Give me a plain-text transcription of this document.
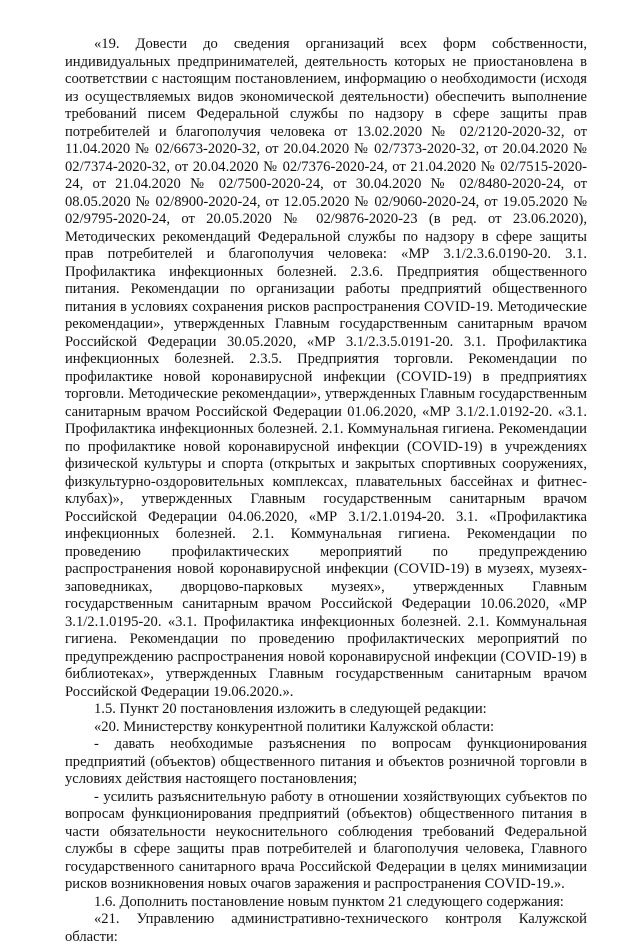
«19. Довести до сведения организаций всех форм собственности, индивидуальных предпринимателей, деятельность которых не приостановлена в соответствии с настоящим постановлением, информацию о необходимости (исходя из осуществляемых видов экономической деятельности) обеспечить выполнение требований писем Федеральной службы по надзору в сфере защиты прав потребителей и благополучия человека от 13.02.2020 № 02/2120-2020-32, от 11.04.2020 № 02/6673-2020-32, от 20.04.2020 № 02/7373-2020-32, от 20.04.2020 № 02/7374-2020-32, от 20.04.2020 № 02/7376-2020-24, от 21.04.2020 № 02/7515-2020-24, от 21.04.2020 № 02/7500-2020-24, от 30.04.2020 № 02/8480-2020-24, от 08.05.2020 № 02/8900-2020-24, от 12.05.2020 № 02/9060-2020-24, от 19.05.2020 № 02/9795-2020-24, от 20.05.2020 № 02/9876-2020-23 (в ред. от 23.06.2020), Методических рекомендаций Федеральной службы по надзору в сфере защиты прав потребителей и благополучия человека: «МР 3.1/2.3.6.0190-20. 3.1. Профилактика инфекционных болезней. 2.3.6. Предприятия общественного питания. Рекомендации по организации работы предприятий общественного питания в условиях сохранения рисков распространения COVID-19. Методические рекомендации», утвержденных Главным государственным санитарным врачом Российской Федерации 30.05.2020, «МР 3.1/2.3.5.0191-20. 3.1. Профилактика инфекционных болезней. 2.3.5. Предприятия торговли. Рекомендации по профилактике новой коронавирусной инфекции (COVID-19) в предприятиях торговли. Методические рекомендации», утвержденных Главным государственным санитарным врачом Российской Федерации 01.06.2020, «МР 3.1/2.1.0192-20. «3.1. Профилактика инфекционных болезней. 2.1. Коммунальная гигиена. Рекомендации по профилактике новой коронавирусной инфекции (COVID-19) в учреждениях физической культуры и спорта (открытых и закрытых спортивных сооружениях, физкультурно-оздоровительных комплексах, плавательных бассейнах и фитнес-клубах)», утвержденных Главным государственным санитарным врачом Российской Федерации 04.06.2020, «МР 3.1/2.1.0194-20. 3.1. «Профилактика инфекционных болезней. 2.1. Коммунальная гигиена. Рекомендации по проведению профилактических мероприятий по предупреждению распространения новой коронавирусной инфекции (COVID-19) в музеях, музеях-заповедниках, дворцово-парковых музеях», утвержденных Главным государственным санитарным врачом Российской Федерации 10.06.2020, «МР 3.1/2.1.0195-20. «3.1. Профилактика инфекционных болезней. 2.1. Коммунальная гигиена. Рекомендации по проведению профилактических мероприятий по предупреждению распространения новой коронавирусной инфекции (COVID-19) в библиотеках», утвержденных Главным государственным санитарным врачом Российской Федерации 19.06.2020.».

1.5. Пункт 20 постановления изложить в следующей редакции:

«20. Министерству конкурентной политики Калужской области:

- давать необходимые разъяснения по вопросам функционирования предприятий (объектов) общественного питания и объектов розничной торговли в условиях действия настоящего постановления;

- усилить разъяснительную работу в отношении хозяйствующих субъектов по вопросам функционирования предприятий (объектов) общественного питания в части обязательности неукоснительного соблюдения требований Федеральной службы в сфере защиты прав потребителей и благополучия человека, Главного государственного санитарного врача Российской Федерации в целях минимизации рисков возникновения новых очагов заражения и распространения COVID-19.».

1.6. Дополнить постановление новым пунктом 21 следующего содержания:

«21. Управлению административно-технического контроля Калужской области:
